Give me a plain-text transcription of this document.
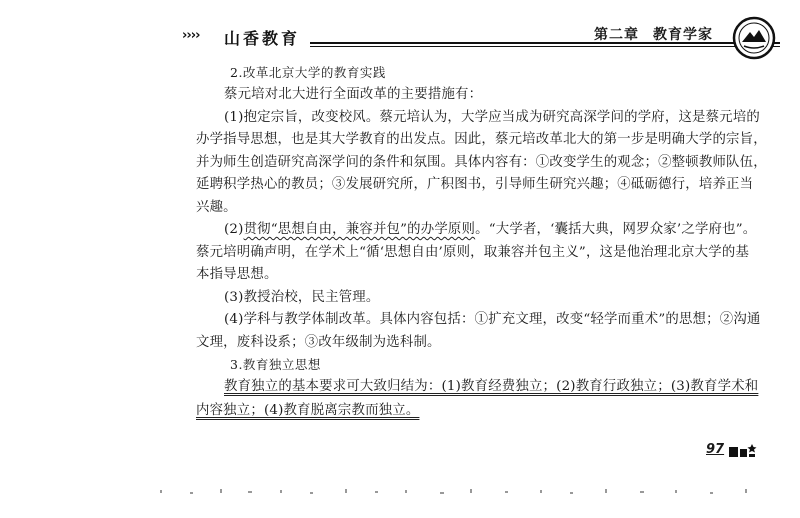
›››› 山香教育	第二章 教育学家

2.改革北京大学的教育实践

蔡元培对北大进行全面改革的主要措施有：

(1)抱定宗旨，改变校风。蔡元培认为，大学应当成为研究高深学问的学府，这是蔡元培的

办学指导思想，也是其大学教育的出发点。因此，蔡元培改革北大的第一步是明确大学的宗旨，

并为师生创造研究高深学问的条件和氛围。具体内容有：①改变学生的观念；②整顿教师队伍，

延聘积学热心的教员；③发展研究所，广积图书，引导师生研究兴趣；④砥砺德行，培养正当

兴趣。

(2)贯彻“思想自由，兼容并包”的办学原则。“大学者，‘囊括大典，网罗众家’之学府也”。

蔡元培明确声明，在学术上“循‘思想自由’原则，取兼容并包主义”，这是他治理北京大学的基

本指导思想。

(3)教授治校，民主管理。

(4)学科与教学体制改革。具体内容包括：①扩充文理，改变“轻学而重术”的思想；②沟通

文理，废科设系；③改年级制为选科制。

3.教育独立思想

教育独立的基本要求可大致归结为：(1)教育经费独立；(2)教育行政独立；(3)教育学术和

内容独立；(4)教育脱离宗教而独立。

97
